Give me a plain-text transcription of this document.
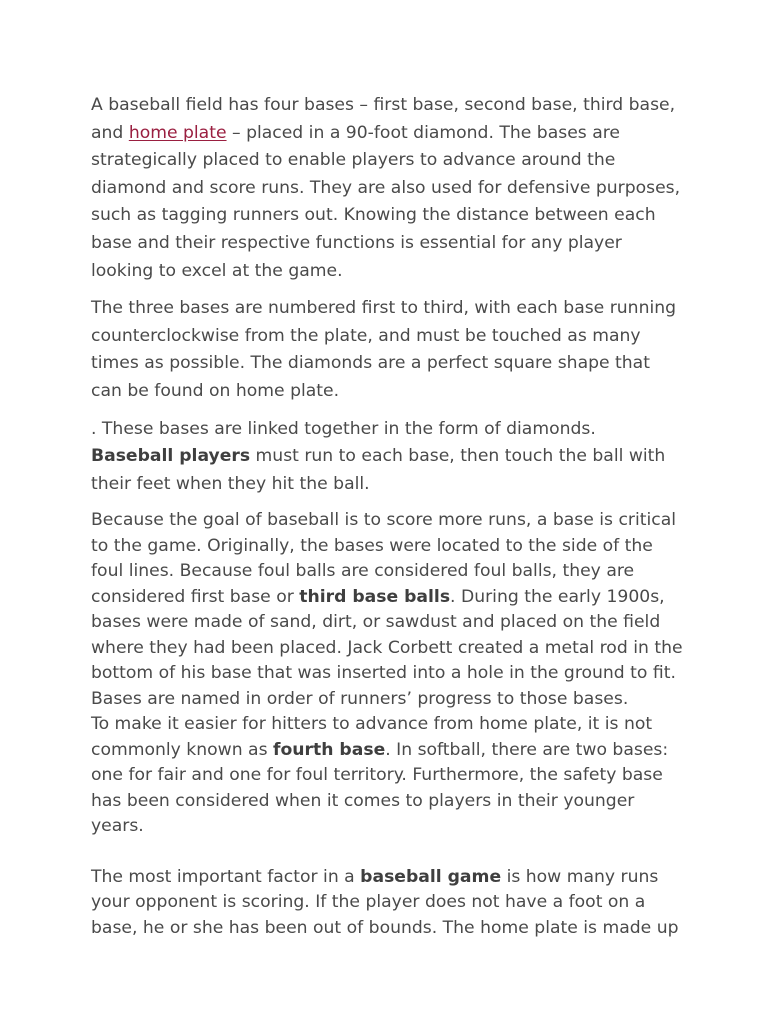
A baseball field has four bases – first base, second base, third base, and home plate – placed in a 90-foot diamond. The bases are strategically placed to enable players to advance around the diamond and score runs. They are also used for defensive purposes, such as tagging runners out. Knowing the distance between each base and their respective functions is essential for any player looking to excel at the game.

The three bases are numbered first to third, with each base running counterclockwise from the plate, and must be touched as many times as possible. The diamonds are a perfect square shape that can be found on home plate.

. These bases are linked together in the form of diamonds. Baseball players must run to each base, then touch the ball with their feet when they hit the ball.

Because the goal of baseball is to score more runs, a base is critical to the game. Originally, the bases were located to the side of the foul lines. Because foul balls are considered foul balls, they are considered first base or third base balls. During the early 1900s, bases were made of sand, dirt, or sawdust and placed on the field where they had been placed. Jack Corbett created a metal rod in the bottom of his base that was inserted into a hole in the ground to fit. Bases are named in order of runners’ progress to those bases.

To make it easier for hitters to advance from home plate, it is not commonly known as fourth base. In softball, there are two bases: one for fair and one for foul territory. Furthermore, the safety base has been considered when it comes to players in their younger years.

The most important factor in a baseball game is how many runs your opponent is scoring. If the player does not have a foot on a base, he or she has been out of bounds. The home plate is made up
